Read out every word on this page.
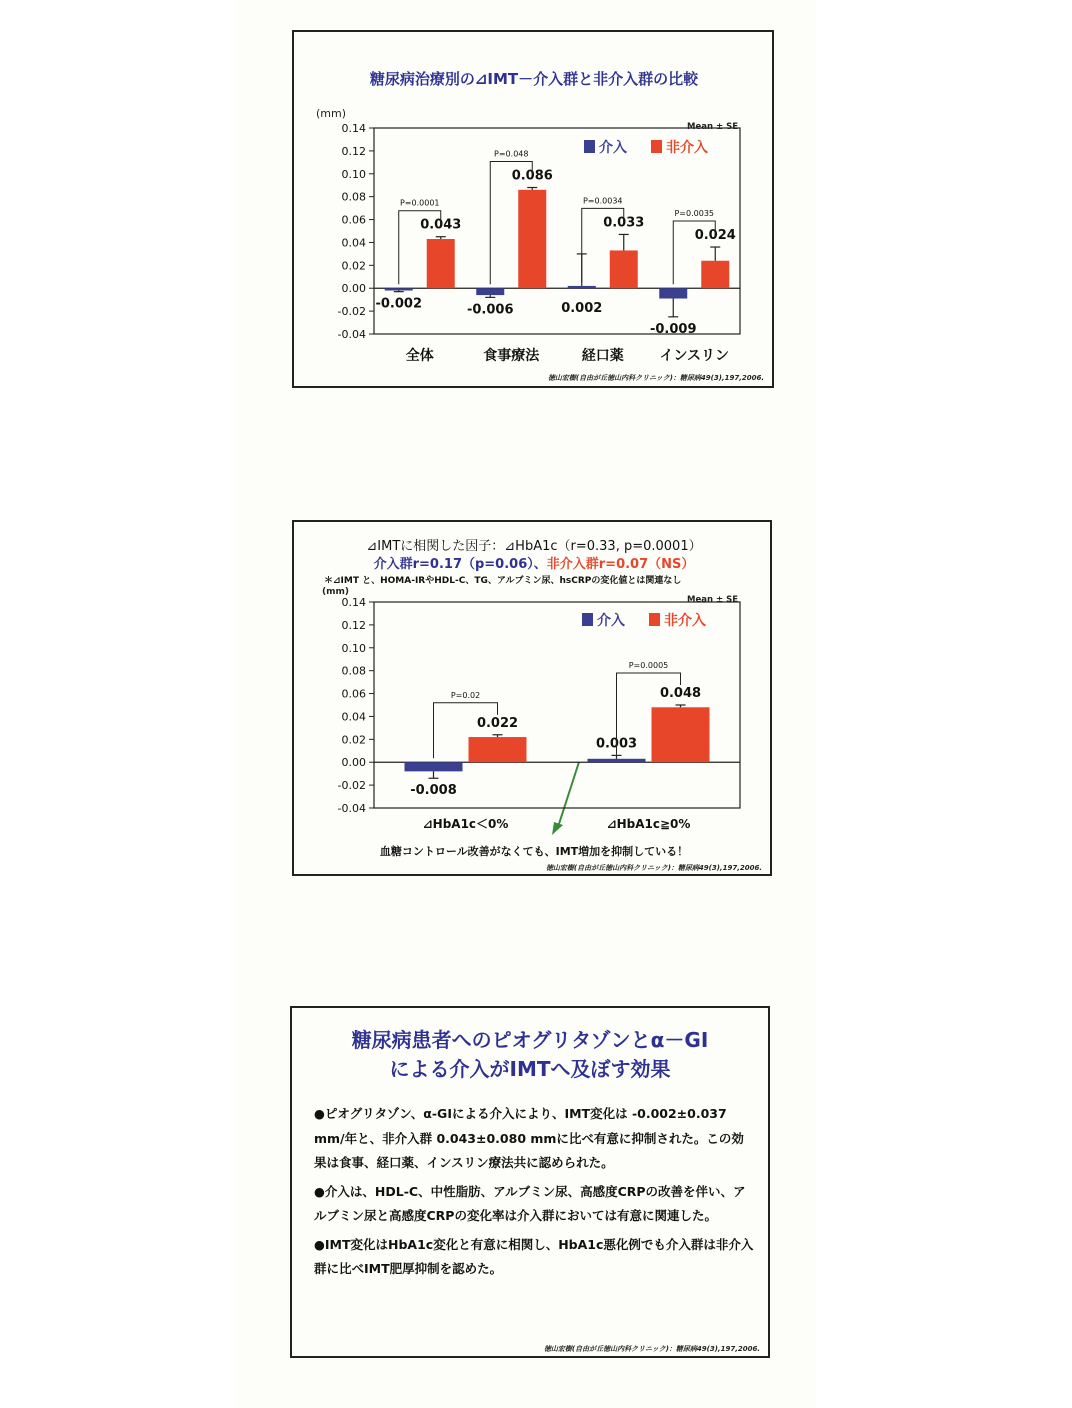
糖尿病治療別の⊿IMT－介入群と非介入群の比較
(mm)
Mean ± SE
介入	非介入
0.14
0.12
0.10
0.08
0.06
0.04
0.02
0.00
-0.02
-0.04
-0.002
0.043
P=0.0001
全体
-0.006
0.086
P=0.048
食事療法
0.002
0.033
P=0.0034
経口薬
-0.009
0.024
P=0.0035
インスリン
徳山宏樹(自由が丘徳山内科クリニック)：糖尿病49(3),197,2006.
⊿IMTに相関した因子：⊿HbA1c（r=0.33, p=0.0001）
介入群r=0.17（p=0.06）、非介入群r=0.07（NS）
＊⊿IMT と、HOMA-IRやHDL-C、TG、アルブミン尿、hsCRPの変化値とは関連なし
(mm)
Mean ± SE
介入	非介入
血糖コントロール改善がなくても、IMT増加を抑制している！
0.14
0.12
0.10
0.08
0.06
0.04
0.02
0.00
-0.02
-0.04
-0.008
0.022
P=0.02
⊿HbA1c＜0%
0.003
0.048
P=0.0005
⊿HbA1c≧0%
徳山宏樹(自由が丘徳山内科クリニック)：糖尿病49(3),197,2006.
糖尿病患者へのピオグリタゾンとα－GI
による介入がIMTへ及ぼす効果

●ピオグリタゾン、α-GIによる介入により、IMT変化は -0.002±0.037 mm/年と、非介入群 0.043±0.080 mmに比べ有意に抑制された。この効果は食事、経口薬、インスリン療法共に認められた。

●介入は、HDL-C、中性脂肪、アルブミン尿、高感度CRPの改善を伴い、アルブミン尿と高感度CRPの変化率は介入群においては有意に関連した。

●IMT変化はHbA1c変化と有意に相関し、HbA1c悪化例でも介入群は非介入群に比べIMT肥厚抑制を認めた。

徳山宏樹(自由が丘徳山内科クリニック)：糖尿病49(3),197,2006.
